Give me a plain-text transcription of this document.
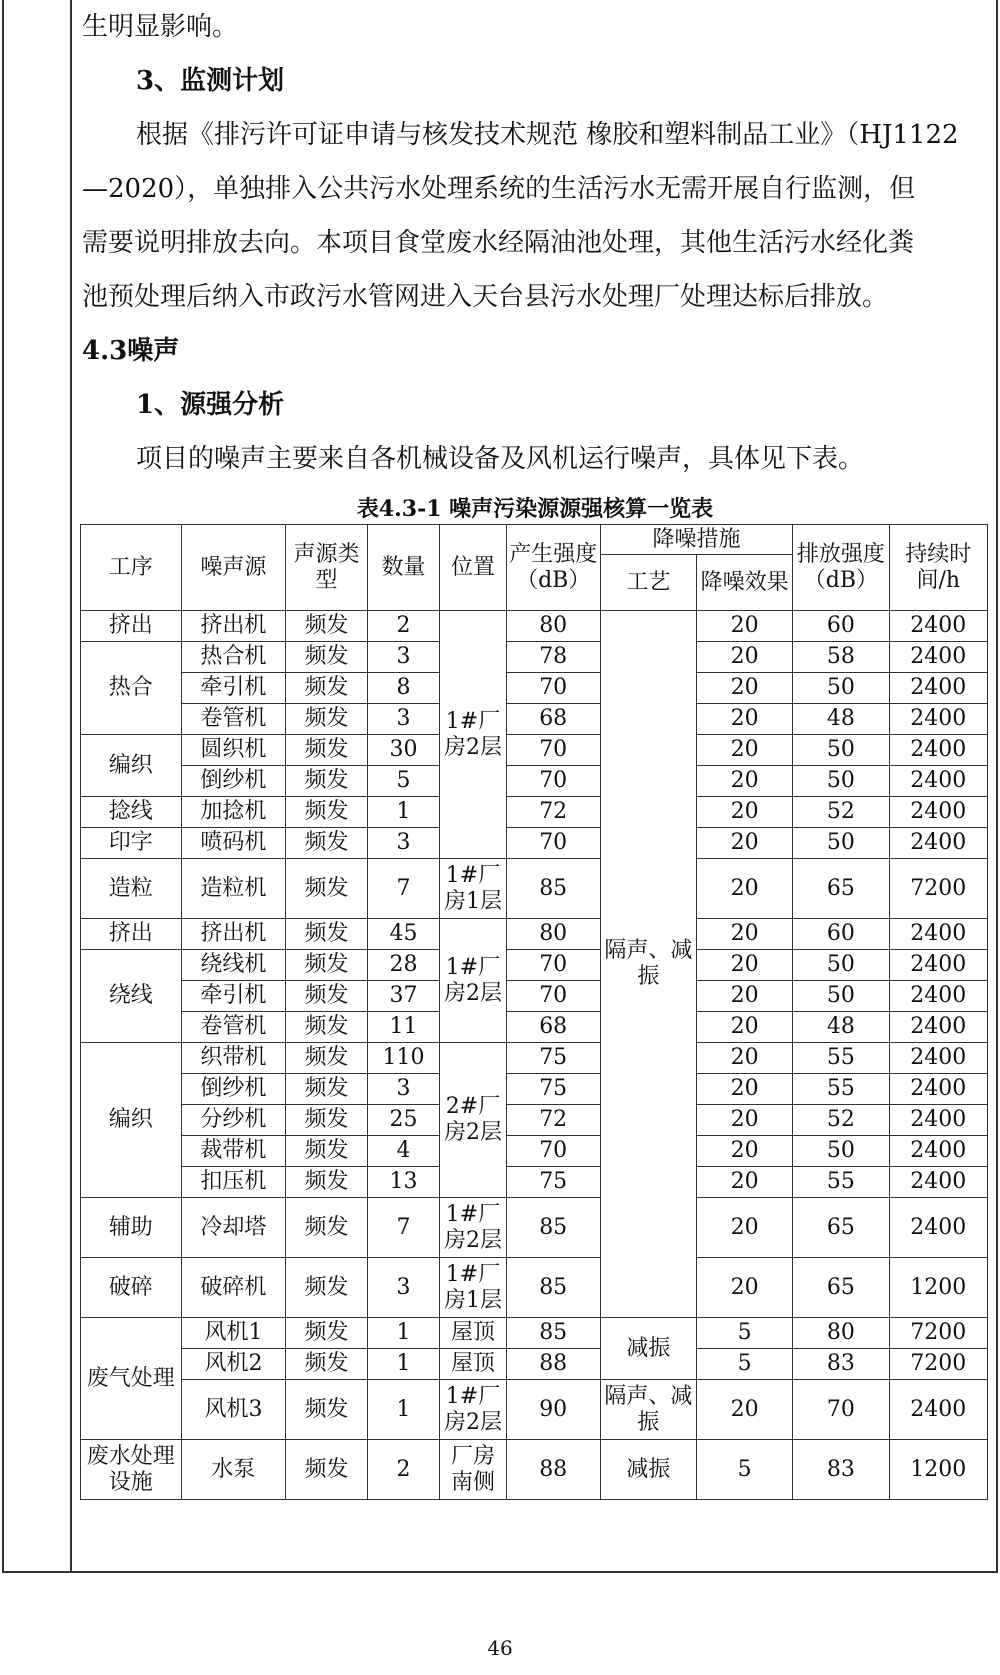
生明显影响。

3、监测计划

根据《排污许可证申请与核发技术规范 橡胶和塑料制品工业》（HJ1122

—2020），单独排入公共污水处理系统的生活污水无需开展自行监测，但

需要说明排放去向。本项目食堂废水经隔油池处理，其他生活污水经化粪

池预处理后纳入市政污水管网进入天台县污水处理厂处理达标后排放。

4.3噪声

1、源强分析

项目的噪声主要来自各机械设备及风机运行噪声，具体见下表。

表4.3-1 噪声污染源源强核算一览表
工序	噪声源	声源类型	数量	位置	产生强度（dB）	降噪措施		排放强度（dB）	持续时间/h
						工艺	降噪效果		
挤出	挤出机	频发	2	1#厂房2层	80	隔声、减振	20	60	2400
热合	热合机	频发	3		78		20	58	2400
	牵引机	频发	8		70		20	50	2400
	卷管机	频发	3		68		20	48	2400
编织	圆织机	频发	30		70		20	50	2400
	倒纱机	频发	5		70		20	50	2400
捻线	加捻机	频发	1		72		20	52	2400
印字	喷码机	频发	3		70		20	50	2400
造粒	造粒机	频发	7	1#厂房1层	85		20	65	7200
挤出	挤出机	频发	45	1#厂房2层	80		20	60	2400
绕线	绕线机	频发	28		70		20	50	2400
	牵引机	频发	37		70		20	50	2400
	卷管机	频发	11		68		20	48	2400
编织	织带机	频发	110	2#厂房2层	75		20	55	2400
	倒纱机	频发	3		75		20	55	2400
	分纱机	频发	25		72		20	52	2400
	裁带机	频发	4		70		20	50	2400
	扣压机	频发	13		75		20	55	2400
辅助	冷却塔	频发	7	1#厂房2层	85		20	65	2400
破碎	破碎机	频发	3	1#厂房1层	85		20	65	1200
废气处理	风机1	频发	1	屋顶	85	减振	5	80	7200
	风机2	频发	1	屋顶	88		5	83	7200
	风机3	频发	1	1#厂房2层	90	隔声、减振	20	70	2400
废水处理设施	水泵	频发	2	厂房南侧	88	减振	5	83	1200
46
